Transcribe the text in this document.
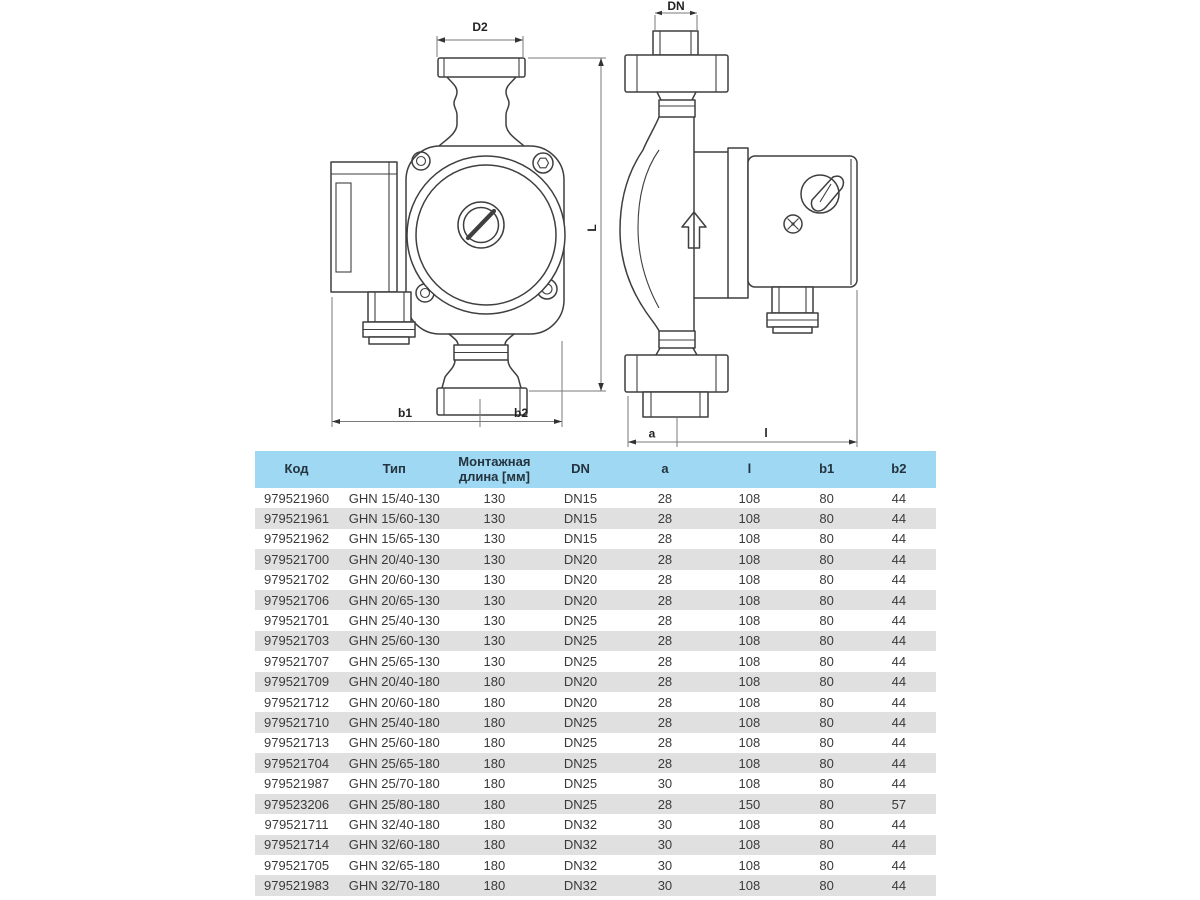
D2
L
b1	b2
DN
a	l
Код	Тип	Монтажная длина [мм]	DN	a	l	b1	b2
979521960	GHN 15/40-130	130	DN15	28	108	80	44
979521961	GHN 15/60-130	130	DN15	28	108	80	44
979521962	GHN 15/65-130	130	DN15	28	108	80	44
979521700	GHN 20/40-130	130	DN20	28	108	80	44
979521702	GHN 20/60-130	130	DN20	28	108	80	44
979521706	GHN 20/65-130	130	DN20	28	108	80	44
979521701	GHN 25/40-130	130	DN25	28	108	80	44
979521703	GHN 25/60-130	130	DN25	28	108	80	44
979521707	GHN 25/65-130	130	DN25	28	108	80	44
979521709	GHN 20/40-180	180	DN20	28	108	80	44
979521712	GHN 20/60-180	180	DN20	28	108	80	44
979521710	GHN 25/40-180	180	DN25	28	108	80	44
979521713	GHN 25/60-180	180	DN25	28	108	80	44
979521704	GHN 25/65-180	180	DN25	28	108	80	44
979521987	GHN 25/70-180	180	DN25	30	108	80	44
979523206	GHN 25/80-180	180	DN25	28	150	80	57
979521711	GHN 32/40-180	180	DN32	30	108	80	44
979521714	GHN 32/60-180	180	DN32	30	108	80	44
979521705	GHN 32/65-180	180	DN32	30	108	80	44
979521983	GHN 32/70-180	180	DN32	30	108	80	44
